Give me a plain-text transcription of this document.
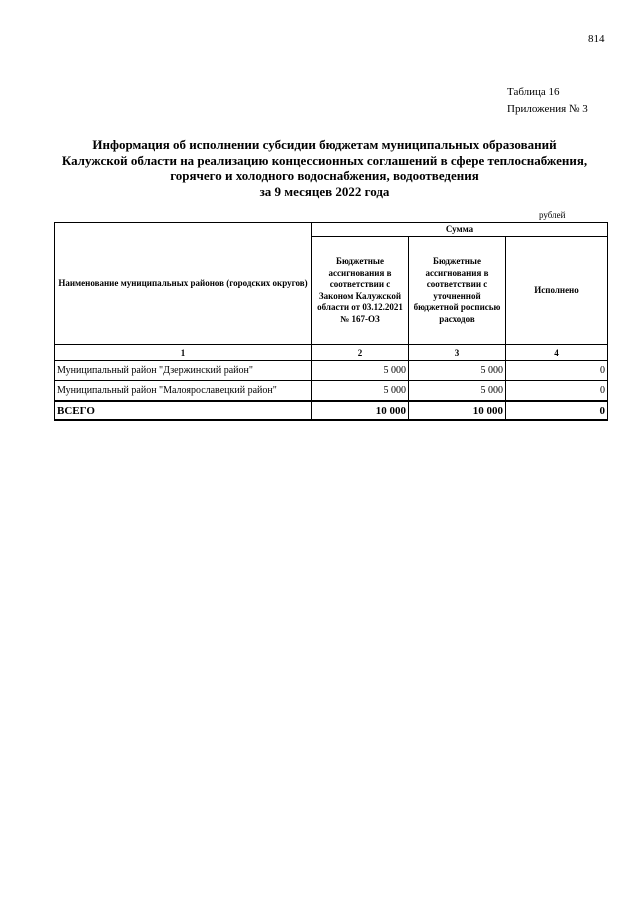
814
Таблица 16
Приложения № 3
Информация об исполнении субсидии бюджетам муниципальных образований
Калужской области на реализацию концессионных соглашений в сфере теплоснабжения,
горячего и холодного водоснабжения, водоотведения
за 9 месяцев 2022 года
рублей
Наименование муниципальных районов (городских округов)	Сумма		
	Бюджетные ассигнования в соответствии с Законом Калужской области от 03.12.2021 № 167-ОЗ	Бюджетные ассигнования в соответствии с уточненной бюджетной росписью расходов	Исполнено
1	2	3	4
Муниципальный район "Дзержинский район"	5 000	5 000	0
Муниципальный район "Малоярославецкий район"	5 000	5 000	0
ВСЕГО	10 000	10 000	0
